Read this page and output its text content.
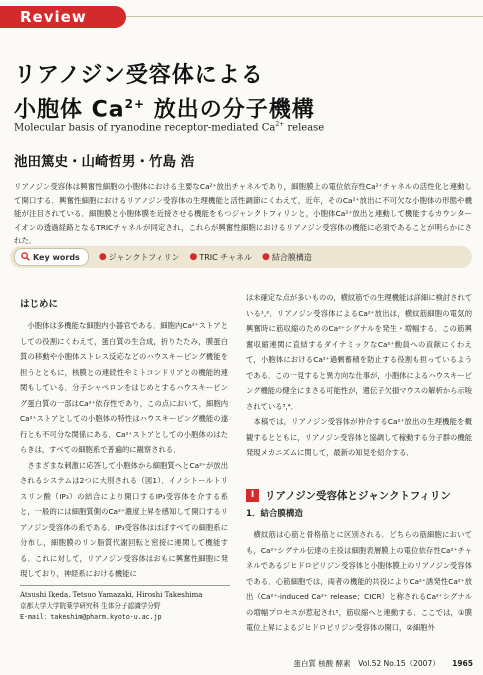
Review
リアノジン受容体による
小胞体 $Ca^{2+}$ 放出の分子機構
Molecular basis of ryanodine receptor-mediated $Ca^{2+}$ release
池田篤史・山崎哲男・竹島 浩
リアノジン受容体は興奮性細胞の小胞体における主要なCa²⁺放出チャネルであり，細胞膜上の電位依存性Ca²⁺チャネルの活性化と連動して開口する．興奮性細胞におけるリアノジン受容体の生理機能と活性調節にくわえて，近年，そのCa²⁺放出に不可欠な小胞体の形態や機能が注目されている．細胞膜と小胞体膜を近接させる機能をもつジャンクトフィリンと，小胞体Ca²⁺放出と連動して機能するカウンターイオンの透過経路となるTRICチャネルが同定され，これらが興奮性細胞におけるリアノジン受容体の機能に必須であることが明らかにされた．
Key words ● ジャンクトフィリン ● TRIC チャネル ● 結合膜構造
はじめに
　小胞体は多機能な細胞内小器官である．細胞内Ca²⁺ストアとしての役割にくわえて，蛋白質の生合成，折りたたみ，膜蛋白質の移動や小胞体ストレス反応などのハウスキーピング機能を担うとともに，核膜との連続性やミトコンドリアとの機能的連関もしている．分子シャペロンをはじめとするハウスキーピング蛋白質の一部はCa²⁺依存性であり，この点において，細胞内Ca²⁺ストアとしての小胞体の特性はハウスキーピング機能の遂行とも不可分な関係にある．Ca²⁺ストアとしての小胞体のはたらきは，すべての細胞系で普遍的に観察される．
　さまざまな刺激に応答して小胞体から細胞質へとCa²⁺が放出されるシステムは2つに大別される（図1）．イノシトールトリスリン酸（IP₃）の結合により開口するIP₃受容体を介する系と，一般的には細胞質側のCa²⁺濃度上昇を感知して開口するリアノジン受容体の系である．IP₃受容体はほぼすべての細胞系に分布し，細胞膜のリン脂質代謝回転と密接に連関して機能する．これに対して，リアノジン受容体はおもに興奮性細胞に発現しており，神経系における機能に
は未確定な点が多いものの，横紋筋での生理機能は詳細に検討されている¹,²．リアノジン受容体によるCa²⁺放出は，横紋筋細胞の電気的興奮時に筋収縮のためのCa²⁺シグナルを発生・増幅する．この筋興奮収縮連関に直結するダイナミックなCa²⁺動員への貢献にくわえて，小胞体におけるCa²⁺過剰蓄積を防止する役割も担っているようである．この一見すると異方向な仕事が，小胞体によるハウスキーピング機能の健全にまさる可能性が，遺伝子欠損マウスの解析から示唆されている³,⁴．
　本稿では，リアノジン受容体が仲介するCa²⁺放出の生理機能を概観するとともに，リアノジン受容体と協調して稼動する分子群の機能発現メカニズムに関して，最新の知見を紹介する．
I	リアノジン受容体とジャンクトフィリン
1．結合膜構造
　横紋筋は心筋と骨格筋とに区別される．どちらの筋細胞においても，Ca²⁺シグナル伝達の主役は細胞表層膜上の電位依存性Ca²⁺チャネルであるジヒドロピリジン受容体と小胞体膜上のリアノジン受容体である．心筋細胞では，両者の機能的共役によりCa²⁺誘発性Ca²⁺放出（Ca²⁺-induced Ca²⁺ release；CICR）と称されるCa²⁺シグナルの増幅プロセスが惹起され⁵，筋収縮へと連動する．ここでは，①膜電位上昇によるジヒドロピリジン受容体の開口，②細胞外
Atsushi Ikeda, Tetsuo Yamazaki, Hiroshi Takeshima
京都大学大学院薬学研究科 生体分子認識学分野
E-mail：takeshim@pharm.kyoto-u.ac.jp
蛋白質 核酸 酵素　Vol.52 No.15（2007） 1965
